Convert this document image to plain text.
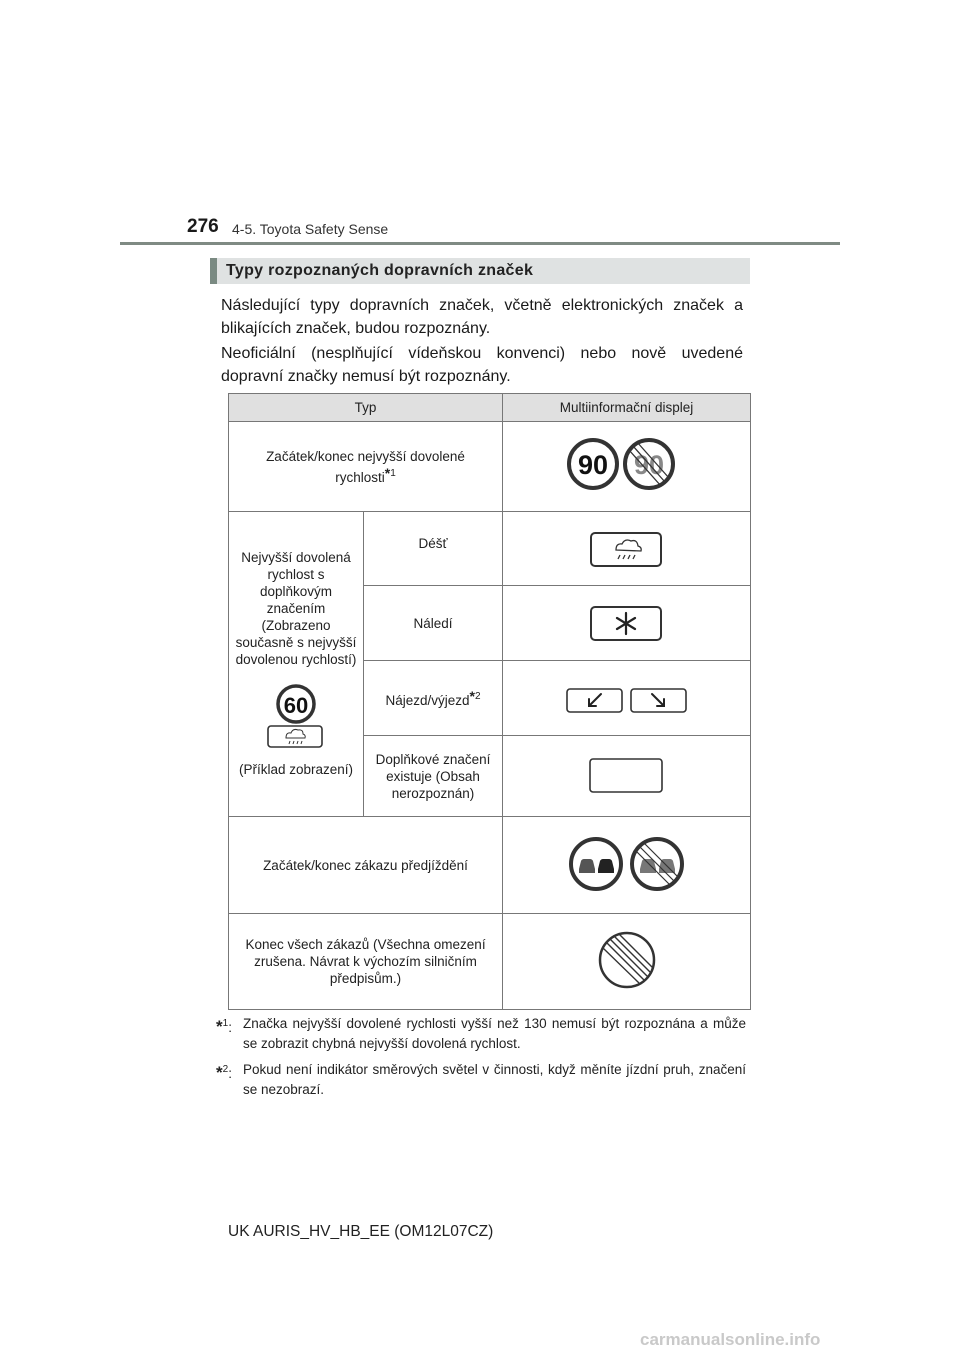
276 4-5. Toyota Safety Sense
Typy rozpoznaných dopravních značek
Následující typy dopravních značek, včetně elektronických značek a blikajících značek, budou rozpoznány.
Neoficiální (nesplňující vídeňskou konvenci) nebo nově uvedené dopravní značky nemusí být rozpoznány.
Typ		Multiinformační displej

Začátek/konec nejvyšší dovolené rychlosti$^{*1}$		90 90

Nejvyšší dovolená rychlost s doplňkovým značením (Zobrazeno současně s nejvyšší dovolenou rychlostí)
60
(Příklad zobrazení)	Déšť

	Náledí

	Nájezd/výjezd$^{*2}$

	Doplňkové značení existuje (Obsah nerozpoznán)

Začátek/konec zákazu předjíždění

Konec všech zákazů (Všechna omezení zrušena. Návrat k výchozím silničním předpisům.)

*$^1$: Značka nejvyšší dovolené rychlosti vyšší než 130 nemusí být rozpoznána a může se zobrazit chybná nejvyšší dovolená rychlost.
*$^2$: Pokud není indikátor směrových světel v činnosti, když měníte jízdní pruh, značení se nezobrazí.
UK AURIS_HV_HB_EE (OM12L07CZ)
carmanualsonline.info
